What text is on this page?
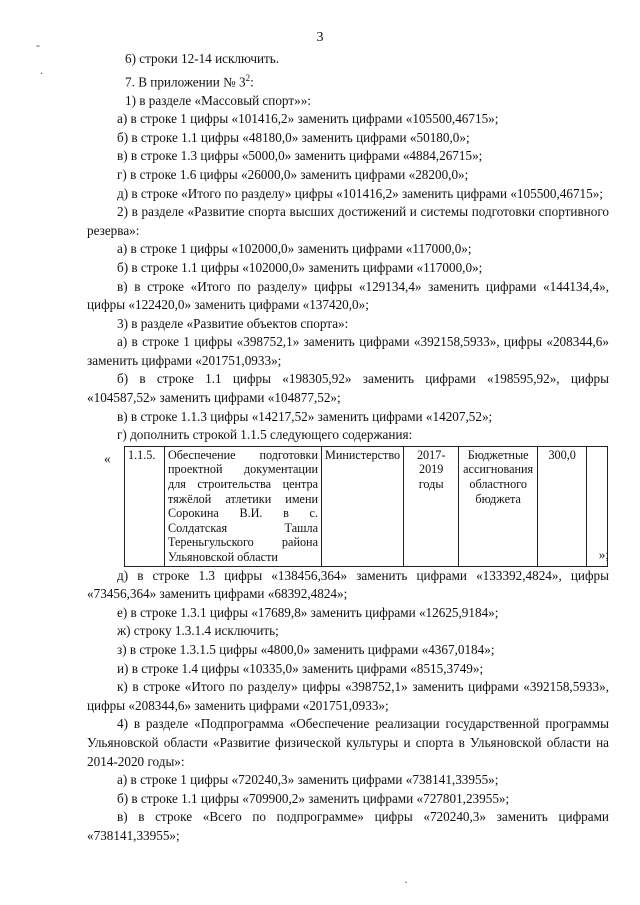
3
-
.

6) строки 12-14 исключить.

7. В приложении № $3^2$:

1) в разделе «Массовый спорт»»:

а) в строке 1 цифры «101416,2» заменить цифрами «105500,46715»;

б) в строке 1.1 цифры «48180,0» заменить цифрами «50180,0»;

в) в строке 1.3 цифры «5000,0» заменить цифрами «4884,26715»;

г) в строке 1.6 цифры «26000,0» заменить цифрами «28200,0»;

д) в строке «Итого по разделу» цифры «101416,2» заменить цифрами «105500,46715»;

2) в разделе «Развитие спорта высших достижений и системы подготовки спортивного резерва»:

а) в строке 1 цифры «102000,0» заменить цифрами «117000,0»;

б) в строке 1.1 цифры «102000,0» заменить цифрами «117000,0»;

в) в строке «Итого по разделу» цифры «129134,4» заменить цифрами «144134,4», цифры «122420,0» заменить цифрами «137420,0»;

3) в разделе «Развитие объектов спорта»:

а) в строке 1 цифры «398752,1» заменить цифрами «392158,5933», цифры «208344,6» заменить цифрами «201751,0933»;

б) в строке 1.1 цифры «198305,92» заменить цифрами «198595,92», цифры «104587,52» заменить цифрами «104877,52»;

в) в строке 1.1.3 цифры «14217,52» заменить цифрами «14207,52»;

г) дополнить строкой 1.1.5 следующего содержания:

« 1.1.5.	Обеспечение подготовки проектной документации для строительства центра тяжёлой атлетики имени Сорокина В.И. в с. Солдатская Ташла Тереньгульского района Ульяновской области	Министерство	2017-2019 годы	Бюджетные ассигнования областного бюджета	300,0	
»;

д) в строке 1.3 цифры «138456,364» заменить цифрами «133392,4824», цифры «73456,364» заменить цифрами «68392,4824»;

е) в строке 1.3.1 цифры «17689,8» заменить цифрами «12625,9184»;

ж) строку 1.3.1.4 исключить;

з) в строке 1.3.1.5 цифры «4800,0» заменить цифрами «4367,0184»;

и) в строке 1.4 цифры «10335,0» заменить цифрами «8515,3749»;

к) в строке «Итого по разделу» цифры «398752,1» заменить цифрами «392158,5933», цифры «208344,6» заменить цифрами «201751,0933»;

4) в разделе «Подпрограмма «Обеспечение реализации государственной программы Ульяновской области «Развитие физической культуры и спорта в Ульяновской области на 2014-2020 годы»:

а) в строке 1 цифры «720240,3» заменить цифрами «738141,33955»;

б) в строке 1.1 цифры «709900,2» заменить цифрами «727801,23955»;

в) в строке «Всего по подпрограмме» цифры «720240,3» заменить цифрами «738141,33955»;

·
